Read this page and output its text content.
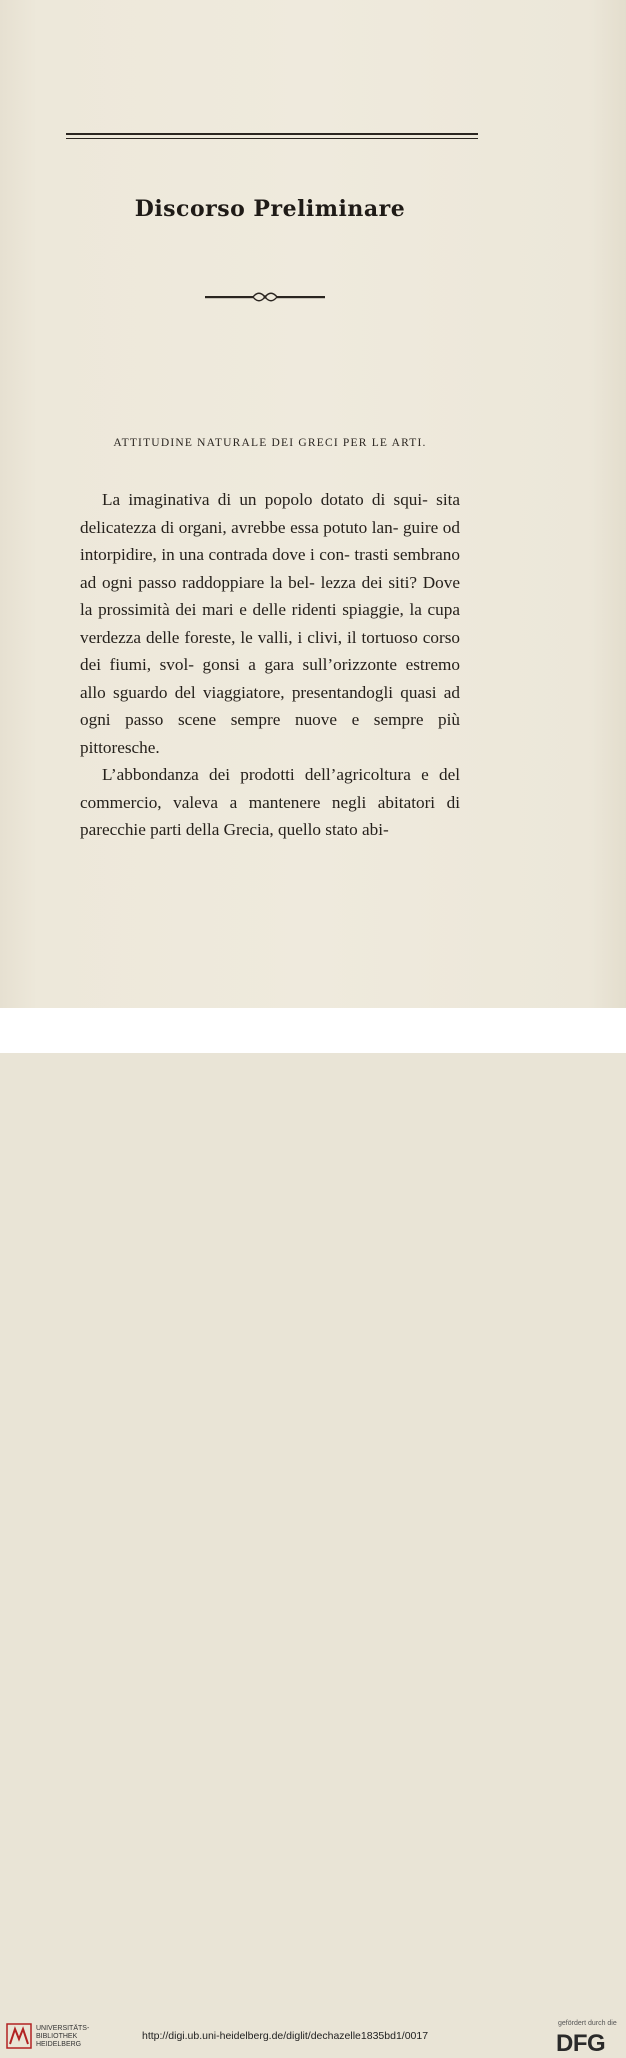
Discorso Preliminare
ATTITUDINE NATURALE DEI GRECI PER LE ARTI.

La imaginativa di un popolo dotato di squi- sita delicatezza di organi, avrebbe essa potuto lan- guire od intorpidire, in una contrada dove i con- trasti sembrano ad ogni passo raddoppiare la bel- lezza dei siti? Dove la prossimità dei mari e delle ridenti spiaggie, la cupa verdezza delle foreste, le valli, i clivi, il tortuoso corso dei fiumi, svol- gonsi a gara sull’orizzonte estremo allo sguardo del viaggiatore, presentandogli quasi ad ogni passo scene sempre nuove e sempre più pittoresche.

L’abbondanza dei prodotti dell’agricoltura e del commercio, valeva a mantenere negli abitatori di parecchie parti della Grecia, quello stato abi-

UNIVERSITÄTS-
BIBLIOTHEK
HEIDELBERG
http://digi.ub.uni-heidelberg.de/diglit/dechazelle1835bd1/0017
gefördert durch die
DFG
